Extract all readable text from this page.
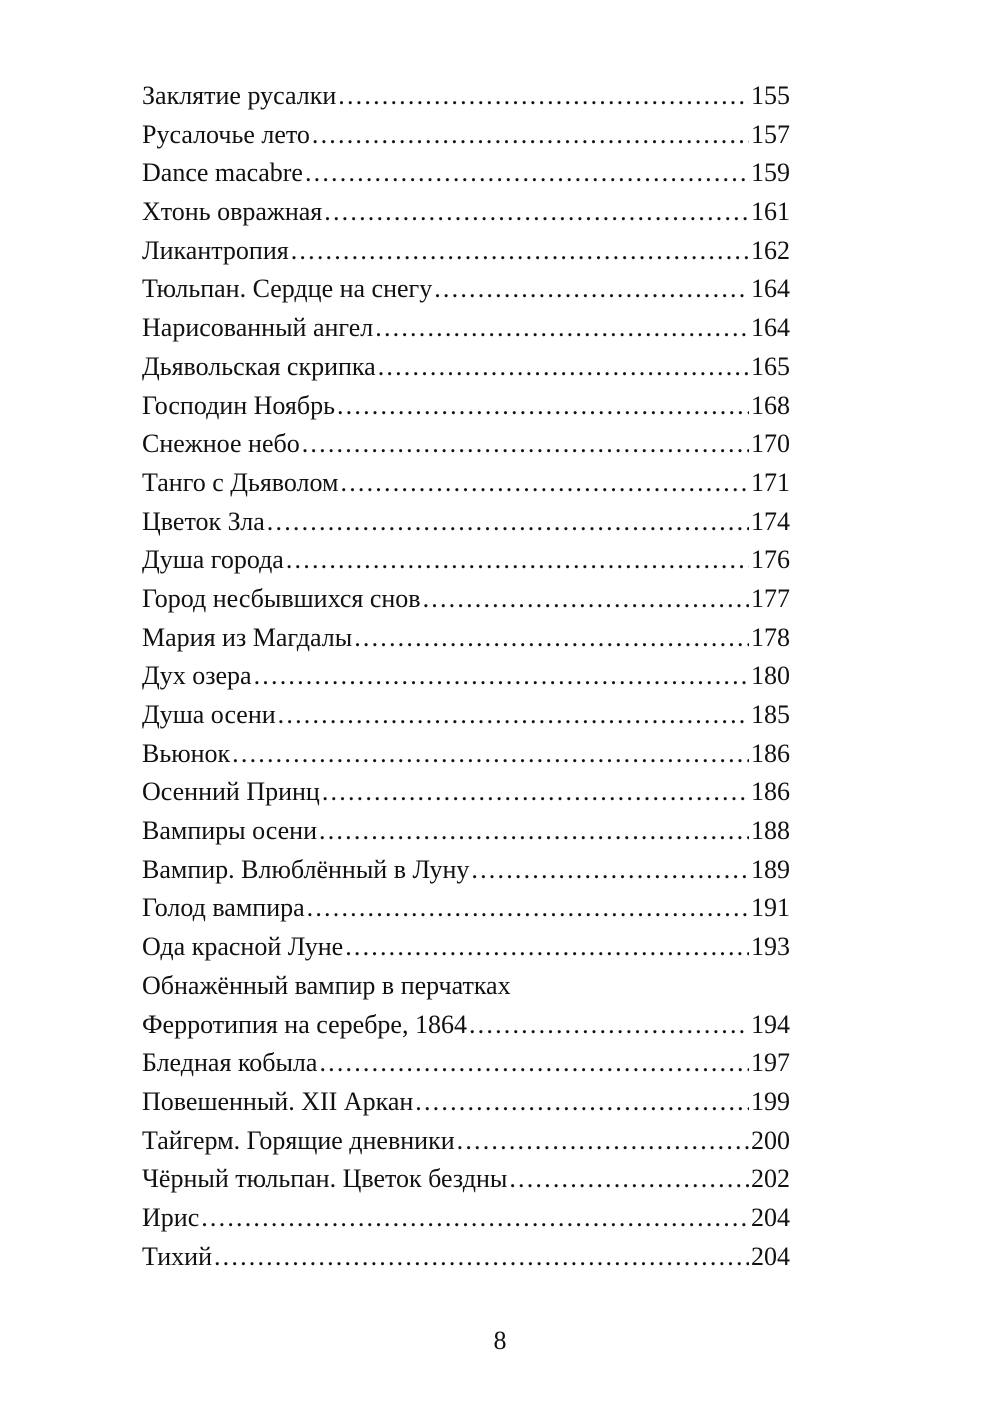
Заклятие русалки .....	155
Русалочье лето .....	157
Dance macabre .....	159
Хтонь овражная .....	161
Ликантропия .....	162
Тюльпан. Сердце на снегу .....	164
Нарисованный ангел .....	164
Дьявольская скрипка .....	165
Господин Ноябрь .....	168
Снежное небо .....	170
Танго с Дьяволом .....	171
Цветок Зла .....	174
Душа города .....	176
Город несбывшихся снов .....	177
Мария из Магдалы .....	178
Дух озера .....	180
Душа осени .....	185
Вьюнок .....	186
Осенний Принц .....	186
Вампиры осени .....	188
Вампир. Влюблённый в Луну .....	189
Голод вампира .....	191
Ода красной Луне .....	193
Обнажённый вампир в перчатках
Ферротипия на серебре, 1864 .....	194
Бледная кобыла .....	197
Повешенный. XII Аркан .....	199
Тайгерм. Горящие дневники .....	200
Чёрный тюльпан. Цветок бездны .....	202
Ирис .....	204
Тихий .....	204
8
